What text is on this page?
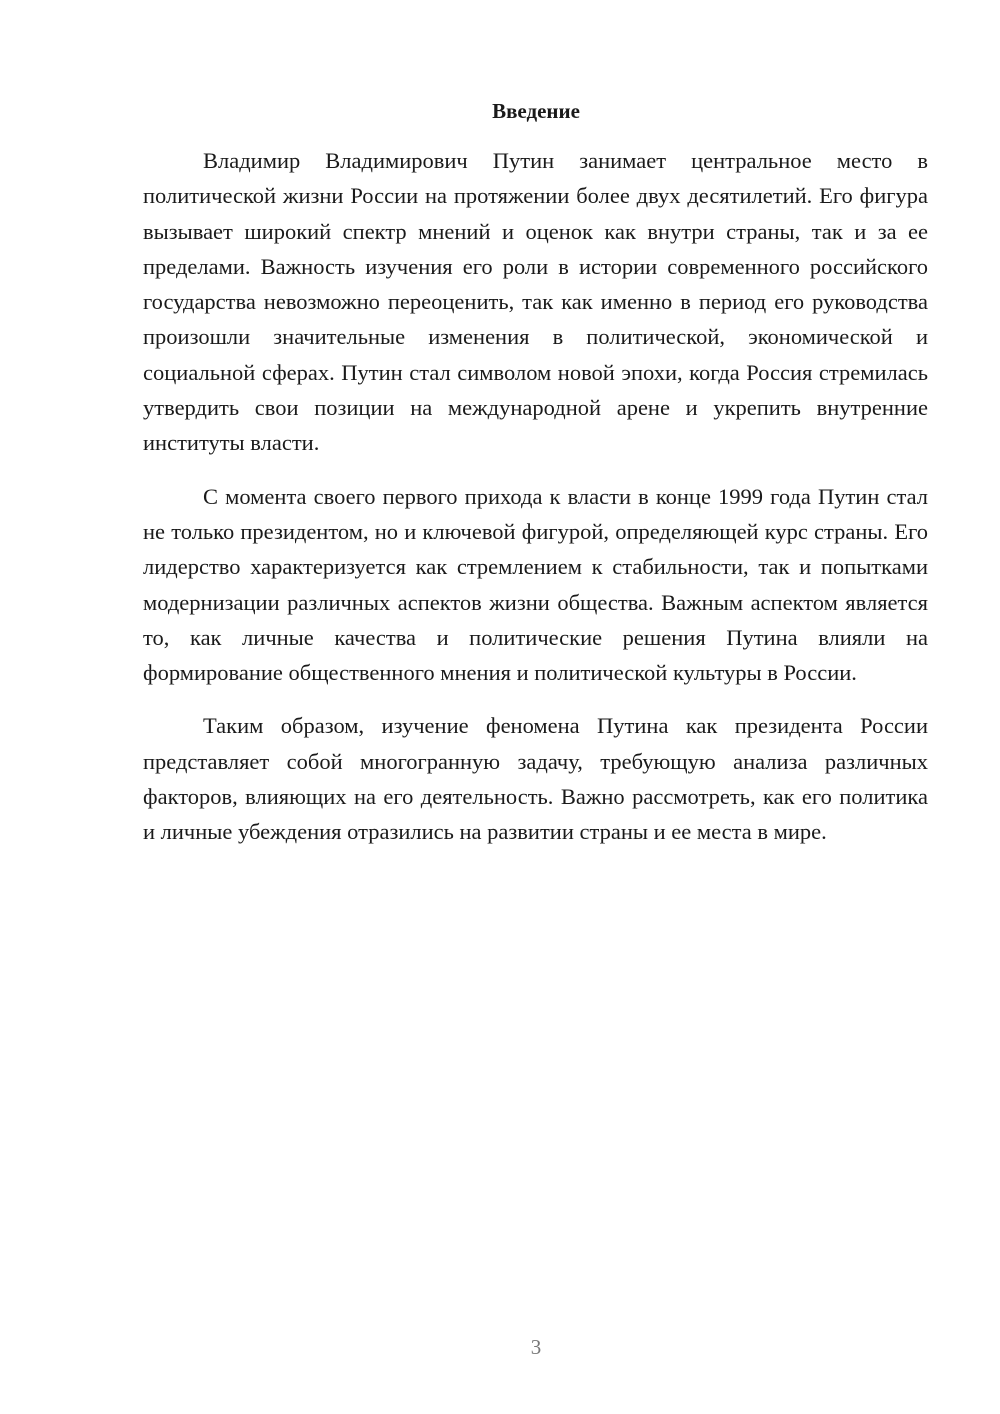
Введение

Владимир Владимирович Путин занимает центральное место в политической жизни России на протяжении более двух десятилетий. Его фигура вызывает широкий спектр мнений и оценок как внутри страны, так и за ее пределами. Важность изучения его роли в истории современного российского государства невозможно переоценить, так как именно в период его руководства произошли значительные изменения в политической, экономической и социальной сферах. Путин стал символом новой эпохи, когда Россия стремилась утвердить свои позиции на международной арене и укрепить внутренние институты власти.

С момента своего первого прихода к власти в конце 1999 года Путин стал не только президентом, но и ключевой фигурой, определяющей курс страны. Его лидерство характеризуется как стремлением к стабильности, так и попытками модернизации различных аспектов жизни общества. Важным аспектом является то, как личные качества и политические решения Путина влияли на формирование общественного мнения и политической культуры в России.

Таким образом, изучение феномена Путина как президента России представляет собой многогранную задачу, требующую анализа различных факторов, влияющих на его деятельность. Важно рассмотреть, как его политика и личные убеждения отразились на развитии страны и ее места в мире.

3
